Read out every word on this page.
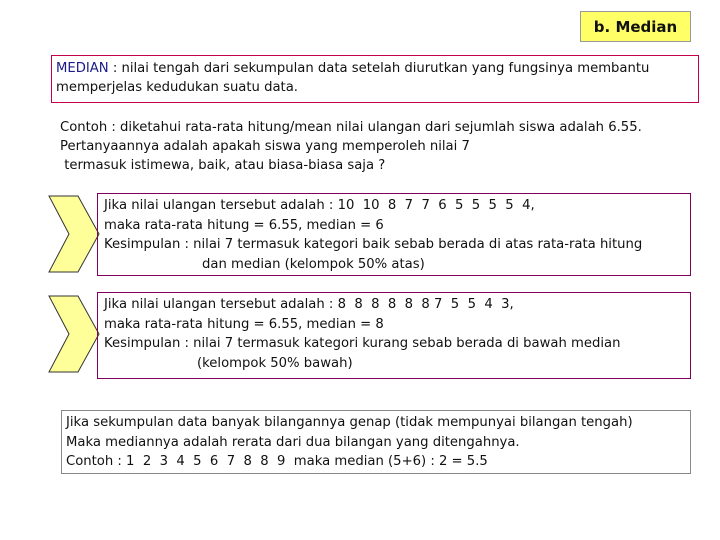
b. Median
MEDIAN : nilai tengah dari sekumpulan data setelah diurutkan yang fungsinya membantu
memperjelas kedudukan suatu data.
Contoh : diketahui rata-rata hitung/mean nilai ulangan dari sejumlah siswa adalah 6.55.
Pertanyaannya adalah apakah siswa yang memperoleh nilai 7
termasuk istimewa, baik, atau biasa-biasa saja ?
Jika nilai ulangan tersebut adalah : 10  10  8  7  7  6  5  5  5  5  4,
maka rata-rata hitung = 6.55, median = 6
Kesimpulan : nilai 7 termasuk kategori baik sebab berada di atas rata-rata hitung
dan median (kelompok 50% atas)
Jika nilai ulangan tersebut adalah : 8  8  8  8  8  8 7  5  5  4  3,
maka rata-rata hitung = 6.55, median = 8
Kesimpulan : nilai 7 termasuk kategori kurang sebab berada di bawah median
(kelompok 50% bawah)
Jika sekumpulan data banyak bilangannya genap (tidak mempunyai bilangan tengah)
Maka mediannya adalah rerata dari dua bilangan yang ditengahnya.
Contoh : 1  2  3  4  5  6  7  8  8  9  maka median (5+6) : 2 = 5.5
